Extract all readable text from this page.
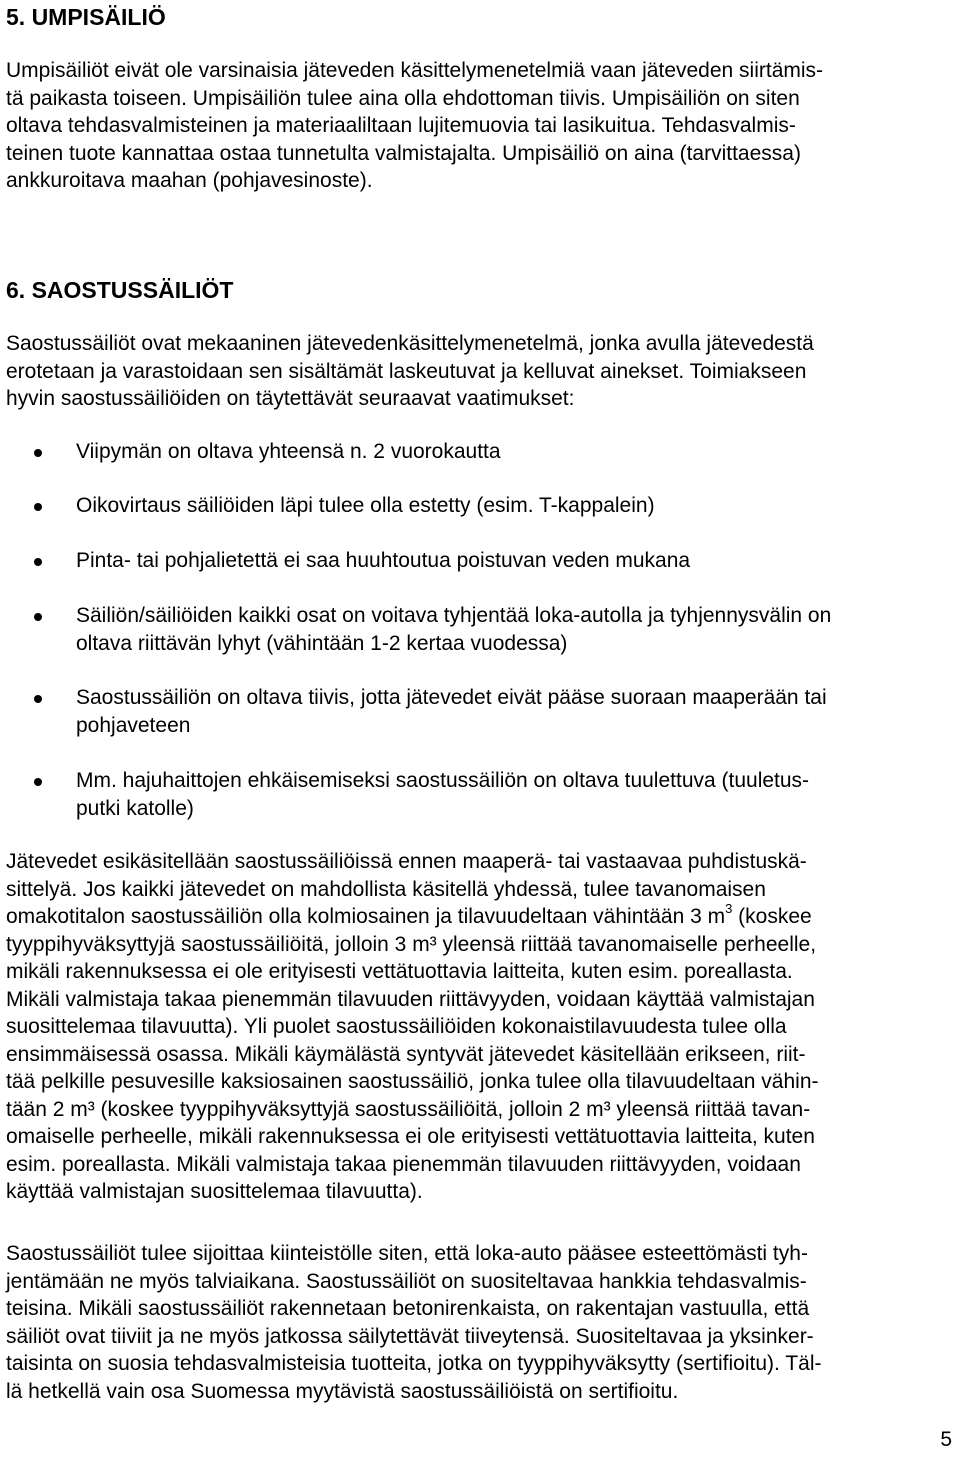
5. UMPISÄILIÖ

Umpisäiliöt eivät ole varsinaisia jäteveden käsittelymenetelmiä vaan jäteveden siirtämis-
tä paikasta toiseen. Umpisäiliön tulee aina olla ehdottoman tiivis. Umpisäiliön on siten
oltava tehdasvalmisteinen ja materiaaliltaan lujitemuovia tai lasikuitua. Tehdasvalmis-
teinen tuote kannattaa ostaa tunnetulta valmistajalta. Umpisäiliö on aina (tarvittaessa)
ankkuroitava maahan (pohjavesinoste).

6. SAOSTUSSÄILIÖT

Saostussäiliöt ovat mekaaninen jätevedenkäsittelymenetelmä, jonka avulla jätevedestä
erotetaan ja varastoidaan sen sisältämät laskeutuvat ja kelluvat ainekset. Toimiakseen
hyvin saostussäiliöiden on täytettävät seuraavat vaatimukset:

Viipymän on oltava yhteensä n. 2 vuorokautta
Oikovirtaus säiliöiden läpi tulee olla estetty (esim. T-kappalein)
Pinta- tai pohjalietettä ei saa huuhtoutua poistuvan veden mukana
Säiliön/säiliöiden kaikki osat on voitava tyhjentää loka-autolla ja tyhjennysvälin on
oltava riittävän lyhyt (vähintään 1-2 kertaa vuodessa)
Saostussäiliön on oltava tiivis, jotta jätevedet eivät pääse suoraan maaperään tai
pohjaveteen
Mm. hajuhaittojen ehkäisemiseksi saostussäiliön on oltava tuulettuva (tuuletus-
putki katolle)

Jätevedet esikäsitellään saostussäiliöissä ennen maaperä- tai vastaavaa puhdistuskä-
sittelyä. Jos kaikki jätevedet on mahdollista käsitellä yhdessä, tulee tavanomaisen
omakotitalon saostussäiliön olla kolmiosainen ja tilavuudeltaan vähintään 3 $m^3$ (koskee
tyyppihyväksyttyjä saostussäiliöitä, jolloin 3 m³ yleensä riittää tavanomaiselle perheelle,
mikäli rakennuksessa ei ole erityisesti vettätuottavia laitteita, kuten esim. poreallasta.
Mikäli valmistaja takaa pienemmän tilavuuden riittävyyden, voidaan käyttää valmistajan
suosittelemaa tilavuutta). Yli puolet saostussäiliöiden kokonaistilavuudesta tulee olla
ensimmäisessä osassa. Mikäli käymälästä syntyvät jätevedet käsitellään erikseen, riit-
tää pelkille pesuvesille kaksiosainen saostussäiliö, jonka tulee olla tilavuudeltaan vähin-
tään 2 m³ (koskee tyyppihyväksyttyjä saostussäiliöitä, jolloin 2 m³ yleensä riittää tavan-
omaiselle perheelle, mikäli rakennuksessa ei ole erityisesti vettätuottavia laitteita, kuten
esim. poreallasta. Mikäli valmistaja takaa pienemmän tilavuuden riittävyyden, voidaan
käyttää valmistajan suosittelemaa tilavuutta).

Saostussäiliöt tulee sijoittaa kiinteistölle siten, että loka-auto pääsee esteettömästi tyh-
jentämään ne myös talviaikana. Saostussäiliöt on suositeltavaa hankkia tehdasvalmis-
teisina. Mikäli saostussäiliöt rakennetaan betonirenkaista, on rakentajan vastuulla, että
säiliöt ovat tiiviit ja ne myös jatkossa säilytettävät tiiveytensä. Suositeltavaa ja yksinker-
taisinta on suosia tehdasvalmisteisia tuotteita, jotka on tyyppihyväksytty (sertifioitu). Täl-
lä hetkellä vain osa Suomessa myytävistä saostussäiliöistä on sertifioitu.

5
